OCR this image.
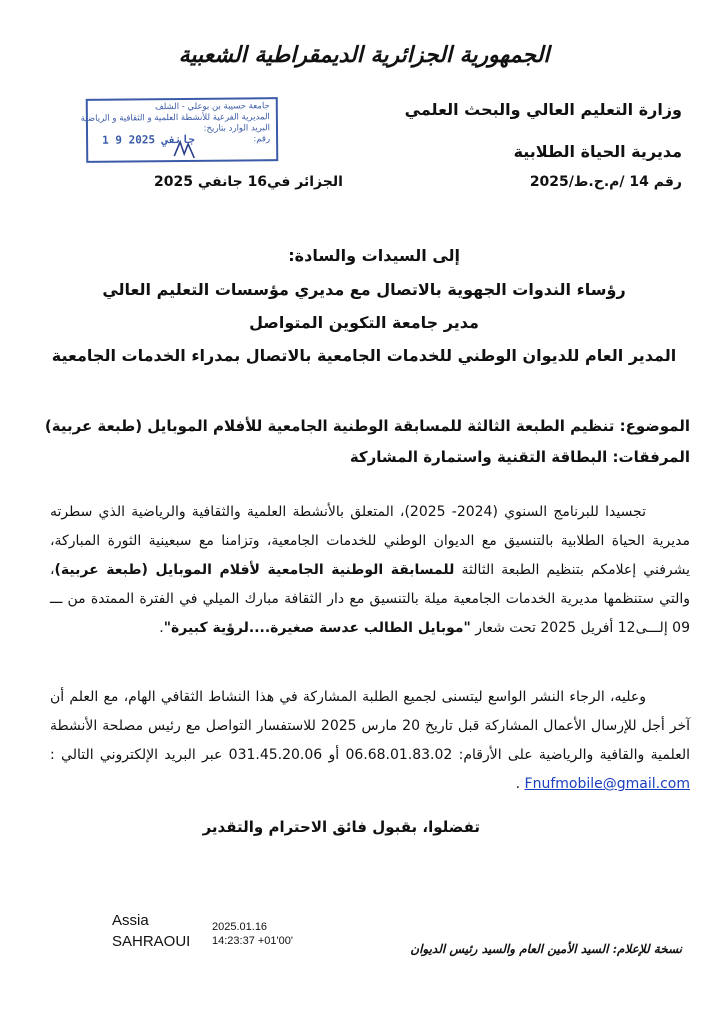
الجمهورية الجزائرية الديمقراطية الشعبية
وزارة التعليم العالي والبحث العلمي
مديرية الحياة الطلابية
رقم 14 /م.ح.ط/2025
الجزائر في16 جانفي 2025
جامعة حسيبة بن بوعلي - الشلف
المديرية الفرعية للأنشطة العلمية و الثقافية و الرياضية
البريد الوارد بتاريخ:
رقم:
1 9 جانفي 2025
إلى السيدات والسادة:
رؤساء الندوات الجهوية بالاتصال مع مديري مؤسسات التعليم العالي
مدير جامعة التكوين المتواصل
المدير العام للديوان الوطني للخدمات الجامعية بالاتصال بمدراء الخدمات الجامعية
الموضوع: تنظيم الطبعة الثالثة للمسابقة الوطنية الجامعية للأفلام الموبايل (طبعة عربية)
المرفقات: البطاقة التقنية واستمارة المشاركة
تجسيدا للبرنامج السنوي (2024- 2025)، المتعلق بالأنشطة العلمية والثقافية والرياضية الذي سطرته مديرية الحياة الطلابية بالتنسيق مع الديوان الوطني للخدمات الجامعية، وتزامنا مع سبعينية الثورة المباركة، يشرفني إعلامكم بتنظيم الطبعة الثالثة للمسابقة الوطنية الجامعية لأفلام الموبايل (طبعة عربية)، والتي ستنظمها مديرية الخدمات الجامعية ميلة بالتنسيق مع دار الثقافة مبارك الميلي في الفترة الممتدة من ـــ 09 إلـــى12 أفريل 2025 تحت شعار "موبايل الطالب عدسة صغيرة....لرؤية كبيرة".
وعليه، الرجاء النشر الواسع ليتسنى لجميع الطلبة المشاركة في هذا النشاط الثقافي الهام، مع العلم أن آخر أجل للإرسال الأعمال المشاركة قبل تاريخ 20 مارس 2025 للاستفسار التواصل مع رئيس مصلحة الأنشطة العلمية والقافية والرياضية على الأرقام: 06.68.01.83.02 أو 031.45.20.06 عبر البريد الإلكتروني التالي : Fnufmobile@gmail.com .
تفضلوا، بقبول فائق الاحترام والتقدير
Assia
SAHRAOUI
2025.01.16
14:23:37 +01'00'
نسخة للإعلام: السيد الأمين العام والسيد رئيس الديوان
